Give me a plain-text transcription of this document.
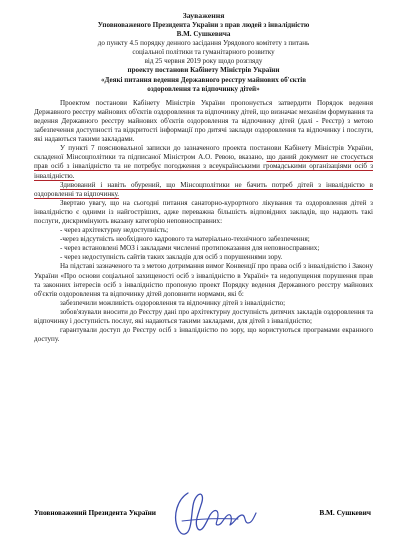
Зауваження
Уповноваженого Президента України з прав людей з інвалідністю
В.М. Сушкевича
до пункту 4.5 порядку денного засідання Урядового комітету з питань
соціальної політики та гуманітарного розвитку
від 25 червня 2019 року щодо розгляду
проекту постанови Кабінету Міністрів України
«Деякі питання ведення Державного реєстру майнових об'єктів
оздоровлення та відпочинку дітей»

Проектом постанови Кабінету Міністрів України пропонується затвердити Порядок ведення Державного реєстру майнових об'єктів оздоровлення та відпочинку дітей, що визначає механізм формування та ведення Державного реєстру майнових об'єктів оздоровлення та відпочинку дітей (далі - Реєстр) з метою забезпечення доступності та відкритості інформації про дитячі заклади оздоровлення та відпочинку і послуги, які надаються такими закладами.

У пункті 7 пояснювальної записки до зазначеного проекта постанови Кабінету Міністрів України, складеної Мінсоцполітики та підписаної Міністром А.О. Ревою, вказано, що даний документ не стосується прав осіб з інвалідністю та не потребує погодження з всеукраїнськими громадськими організаціями осіб з інвалідністю.

Здивований і навіть обурений, що Мінсоцполітики не бачить потреб дітей з інвалідністю в оздоровленні та відпочинку.

Звертаю увагу, що на сьогодні питання санаторно-курортного лікування та оздоровлення дітей з інвалідністю є одними із найгостріших, адже переважна більшість відповідних закладів, що надають такі послуги, дискримінують вказану категорію неповносправних:

- через архітектурну недоступність;

-через відсутність необхідного кадрового та матеріально-технічного забезпечення;

- через встановлені МОЗ і закладами численні протипоказання для неповносправних;

- через недоступність сайтів таких закладів для осіб з порушеннями зору.

На підставі зазначеного та з метою дотримання вимог Конвенції про права осіб з інвалідністю і Закону України «Про основи соціальної захищеності осіб з інвалідністю в Україні» та недопущення порушення прав та законних інтересів осіб з інвалідністю пропоную проект Порядку ведення Державного реєстру майнових об'єктів оздоровлення та відпочинку дітей доповнити нормами, які б:

забезпечили можливість оздоровлення та відпочинку дітей з інвалідністю;

зобов'язували вносити до Реєстру дані про архітектурну доступність дитячих закладів оздоровлення та відпочинку і доступність послуг, які надаються такими закладами, для дітей з інвалідністю;

гарантували доступ до Реєстру осіб з інвалідністю по зору, що користуються програмами екранного доступу.

Уповноважений Президента України	В.М. Сушкевич
